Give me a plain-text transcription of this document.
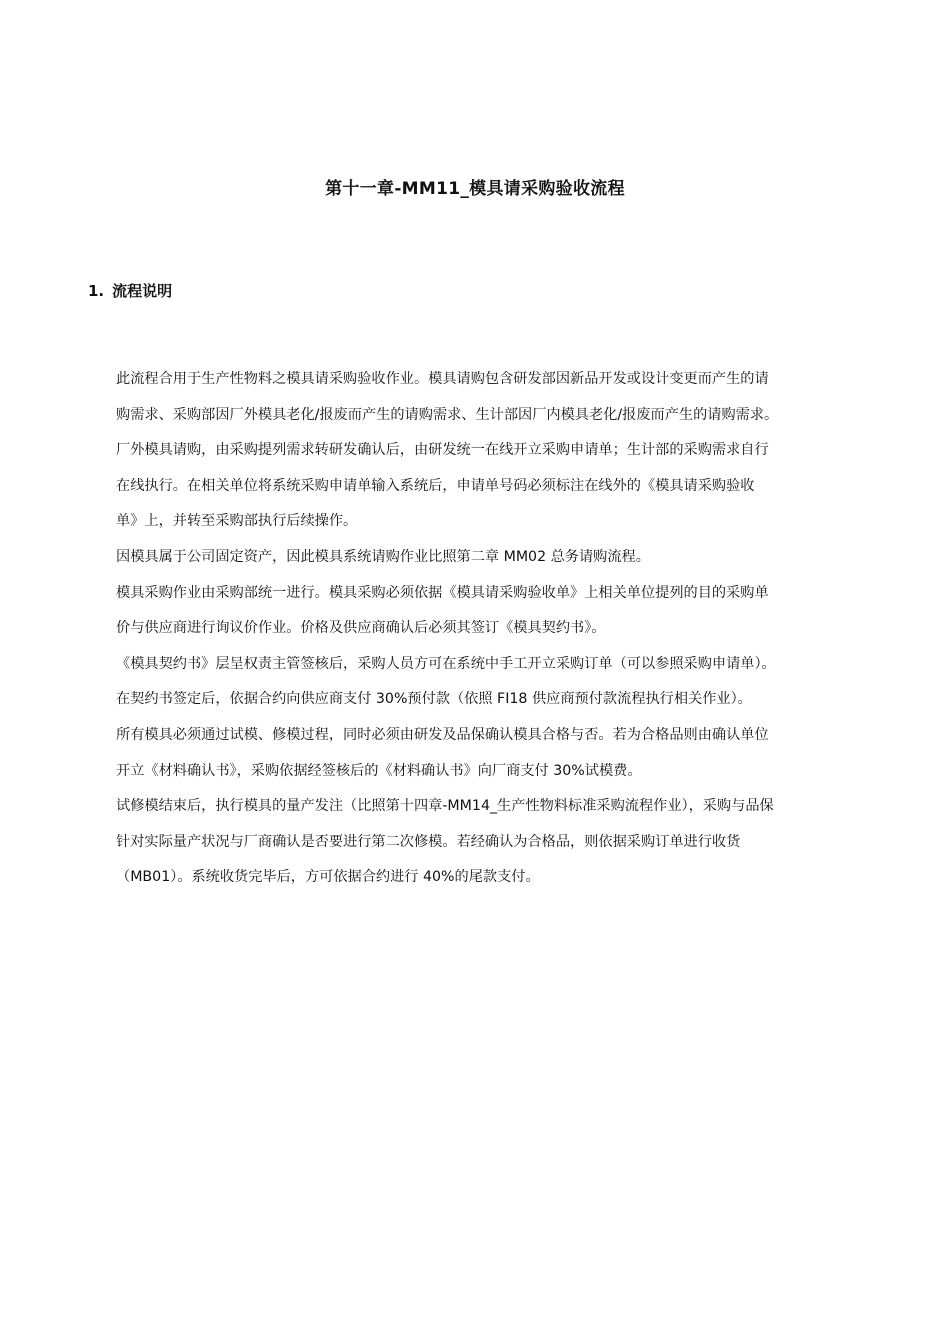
第十一章-MM11_模具请采购验收流程
1. 流程说明

此流程合用于生产性物料之模具请采购验收作业。模具请购包含研发部因新品开发或设计变更而产生的请

购需求、采购部因厂外模具老化/报废而产生的请购需求、生计部因厂内模具老化/报废而产生的请购需求。

厂外模具请购，由采购提列需求转研发确认后，由研发统一在线开立采购申请单；生计部的采购需求自行

在线执行。在相关单位将系统采购申请单输入系统后，申请单号码必须标注在线外的《模具请采购验收

单》上，并转至采购部执行后续操作。

因模具属于公司固定资产，因此模具系统请购作业比照第二章 MM02 总务请购流程。

模具采购作业由采购部统一进行。模具采购必须依据《模具请采购验收单》上相关单位提列的目的采购单

价与供应商进行询议价作业。价格及供应商确认后必须其签订《模具契约书》。

《模具契约书》层呈权责主管签核后，采购人员方可在系统中手工开立采购订单（可以参照采购申请单）。

在契约书签定后，依据合约向供应商支付 30%预付款（依照 FI18 供应商预付款流程执行相关作业）。

所有模具必须通过试模、修模过程，同时必须由研发及品保确认模具合格与否。若为合格品则由确认单位

开立《材料确认书》，采购依据经签核后的《材料确认书》向厂商支付 30%试模费。

试修模结束后，执行模具的量产发注（比照第十四章-MM14_生产性物料标准采购流程作业），采购与品保

针对实际量产状况与厂商确认是否要进行第二次修模。若经确认为合格品，则依据采购订单进行收货

（MB01）。系统收货完毕后，方可依据合约进行 40%的尾款支付。
